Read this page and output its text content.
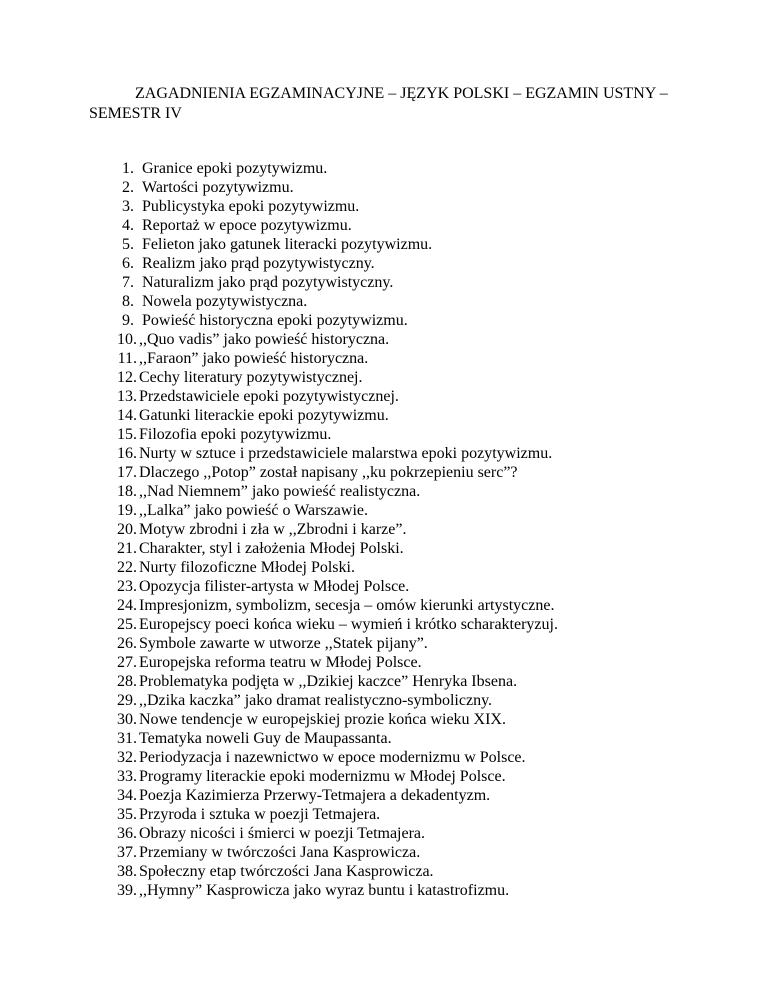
ZAGADNIENIA EGZAMINACYJNE – JĘZYK POLSKI – EGZAMIN USTNY – SEMESTR IV
1. Granice epoki pozytywizmu.
2. Wartości pozytywizmu.
3. Publicystyka epoki pozytywizmu.
4. Reportaż w epoce pozytywizmu.
5. Felieton jako gatunek literacki pozytywizmu.
6. Realizm jako prąd pozytywistyczny.
7. Naturalizm jako prąd pozytywistyczny.
8. Nowela pozytywistyczna.
9. Powieść historyczna epoki pozytywizmu.
10. ,,Quo vadis” jako powieść historyczna.
11. ,,Faraon” jako powieść historyczna.
12. Cechy literatury pozytywistycznej.
13. Przedstawiciele epoki pozytywistycznej.
14. Gatunki literackie epoki pozytywizmu.
15. Filozofia epoki pozytywizmu.
16. Nurty w sztuce i przedstawiciele malarstwa epoki pozytywizmu.
17. Dlaczego ,,Potop” został napisany ,,ku pokrzepieniu serc”?
18. ,,Nad Niemnem” jako powieść realistyczna.
19. ,,Lalka” jako powieść o Warszawie.
20. Motyw zbrodni i zła w ,,Zbrodni i karze”.
21. Charakter, styl i założenia Młodej Polski.
22. Nurty filozoficzne Młodej Polski.
23. Opozycja filister-artysta w Młodej Polsce.
24. Impresjonizm, symbolizm, secesja – omów kierunki artystyczne.
25. Europejscy poeci końca wieku – wymień i krótko scharakteryzuj.
26. Symbole zawarte w utworze ,,Statek pijany”.
27. Europejska reforma teatru w Młodej Polsce.
28. Problematyka podjęta w ,,Dzikiej kaczce” Henryka Ibsena.
29. ,,Dzika kaczka” jako dramat realistyczno-symboliczny.
30. Nowe tendencje w europejskiej prozie końca wieku XIX.
31. Tematyka noweli Guy de Maupassanta.
32. Periodyzacja i nazewnictwo w epoce modernizmu w Polsce.
33. Programy literackie epoki modernizmu w Młodej Polsce.
34. Poezja Kazimierza Przerwy-Tetmajera a dekadentyzm.
35. Przyroda i sztuka w poezji Tetmajera.
36. Obrazy nicości i śmierci w poezji Tetmajera.
37. Przemiany w twórczości Jana Kasprowicza.
38. Społeczny etap twórczości Jana Kasprowicza.
39. ,,Hymny” Kasprowicza jako wyraz buntu i katastrofizmu.
